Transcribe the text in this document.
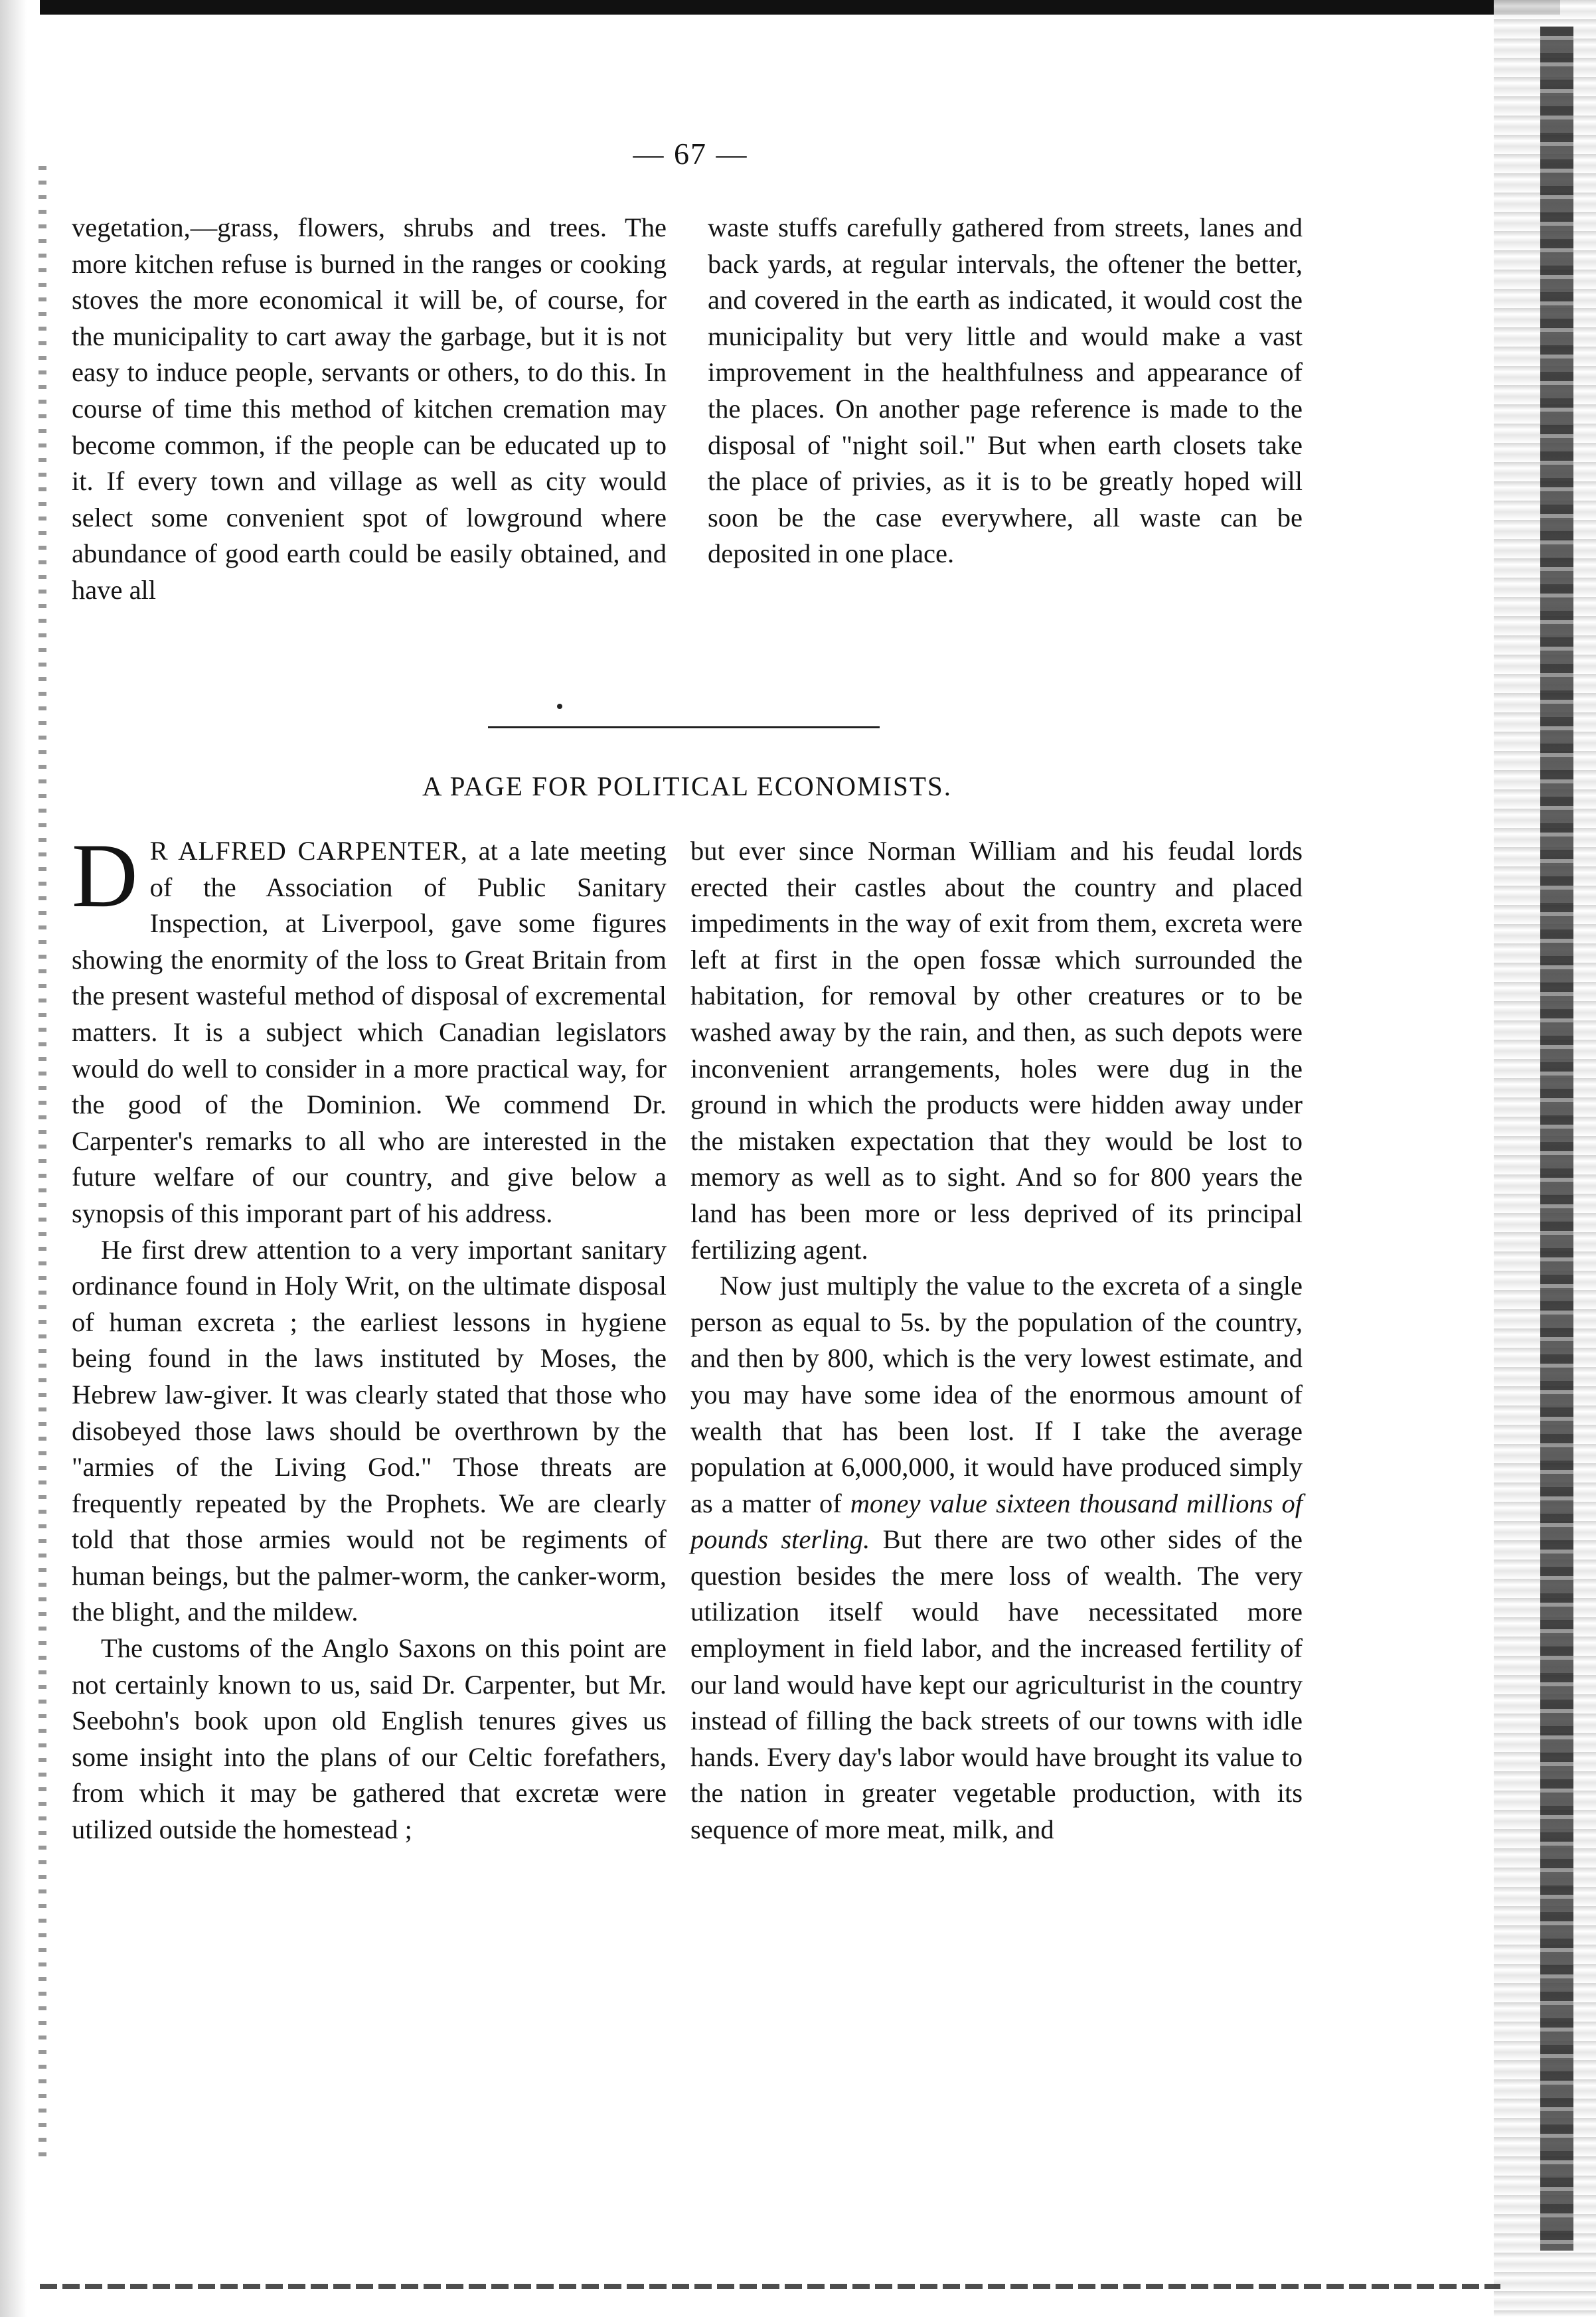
— 67 —

vegetation,—grass, flowers, shrubs and trees. The more kitchen refuse is burned in the ranges or cooking stoves the more economical it will be, of course, for the municipality to cart away the garbage, but it is not easy to induce people, servants or others, to do this. In course of time this method of kitchen cremation may become common, if the people can be educated up to it. If every town and village as well as city would select some convenient spot of lowground where abundance of good earth could be easily obtained, and have all

waste stuffs carefully gathered from streets, lanes and back yards, at regular intervals, the oftener the better, and covered in the earth as indicated, it would cost the municipality but very little and would make a vast improvement in the healthfulness and appearance of the places. On another page reference is made to the disposal of "night soil." But when earth closets take the place of privies, as it is to be greatly hoped will soon be the case everywhere, all waste can be deposited in one place.

A PAGE FOR POLITICAL ECONOMISTS.

D R ALFRED CARPENTER, at a late meeting of the Association of Public Sanitary Inspection, at Liverpool, gave some figures showing the enormity of the loss to Great Britain from the present wasteful method of disposal of excremental matters. It is a subject which Canadian legislators would do well to consider in a more practical way, for the good of the Dominion. We commend Dr. Carpenter's remarks to all who are interested in the future welfare of our country, and give below a synopsis of this imporant part of his address.

He first drew attention to a very important sanitary ordinance found in Holy Writ, on the ultimate disposal of human excreta ; the earliest lessons in hygiene being found in the laws instituted by Moses, the Hebrew law-giver. It was clearly stated that those who disobeyed those laws should be overthrown by the "armies of the Living God." Those threats are frequently repeated by the Prophets. We are clearly told that those armies would not be regiments of human beings, but the palmer-worm, the canker-worm, the blight, and the mildew.

The customs of the Anglo Saxons on this point are not certainly known to us, said Dr. Carpenter, but Mr. Seebohn's book upon old English tenures gives us some insight into the plans of our Celtic forefathers, from which it may be gathered that excretæ were utilized outside the homestead ;

but ever since Norman William and his feudal lords erected their castles about the country and placed impediments in the way of exit from them, excreta were left at first in the open fossæ which surrounded the habitation, for removal by other creatures or to be washed away by the rain, and then, as such depots were inconvenient arrangements, holes were dug in the ground in which the products were hidden away under the mistaken expectation that they would be lost to memory as well as to sight. And so for 800 years the land has been more or less deprived of its principal fertilizing agent.

Now just multiply the value to the excreta of a single person as equal to 5s. by the population of the country, and then by 800, which is the very lowest estimate, and you may have some idea of the enormous amount of wealth that has been lost. If I take the average population at 6,000,000, it would have produced simply as a matter of money value sixteen thousand millions of pounds sterling. But there are two other sides of the question besides the mere loss of wealth. The very utilization itself would have necessitated more employment in field labor, and the increased fertility of our land would have kept our agriculturist in the country instead of filling the back streets of our towns with idle hands. Every day's labor would have brought its value to the nation in greater vegetable production, with its sequence of more meat, milk, and
